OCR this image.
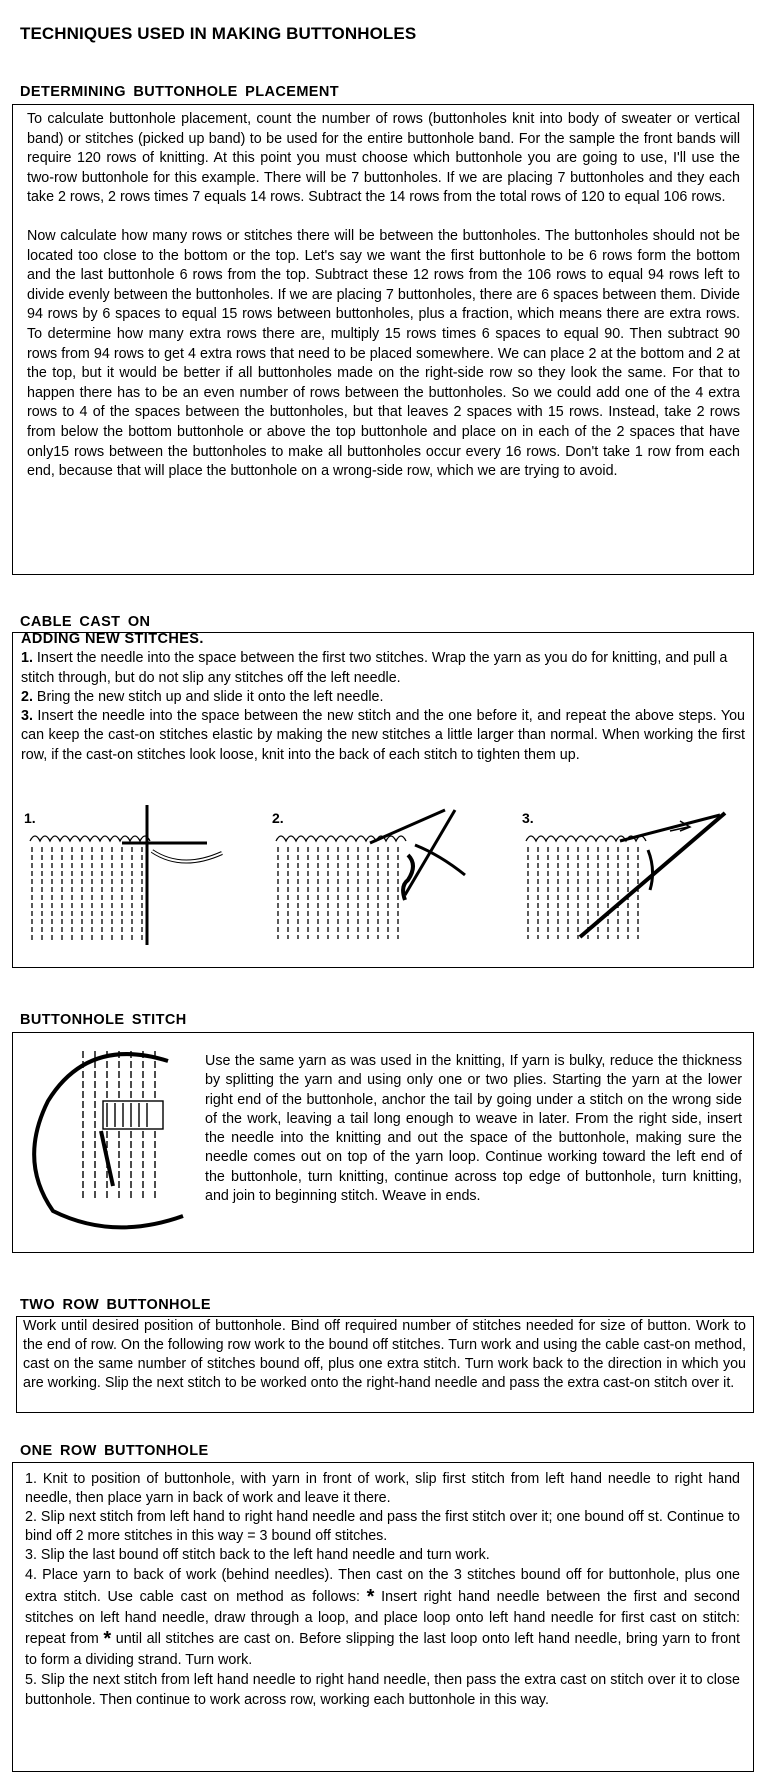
TECHNIQUES USED IN MAKING BUTTONHOLES
DETERMINING BUTTONHOLE PLACEMENT

To calculate buttonhole placement, count the number of rows (buttonholes knit into body of sweater or vertical band) or stitches (picked up band) to be used for the entire buttonhole band. For the sample the front bands will require 120 rows of knitting. At this point you must choose which buttonhole you are going to use, I'll use the two-row buttonhole for this example. There will be 7 buttonholes. If we are placing 7 buttonholes and they each take 2 rows, 2 rows times 7 equals 14 rows. Subtract the 14 rows from the total rows of 120 to equal 106 rows.

Now calculate how many rows or stitches there will be between the buttonholes. The buttonholes should not be located too close to the bottom or the top. Let's say we want the first buttonhole to be 6 rows form the bottom and the last buttonhole 6 rows from the top. Subtract these 12 rows from the 106 rows to equal 94 rows left to divide evenly between the buttonholes. If we are placing 7 buttonholes, there are 6 spaces between them. Divide 94 rows by 6 spaces to equal 15 rows between buttonholes, plus a fraction, which means there are extra rows. To determine how many extra rows there are, multiply 15 rows times 6 spaces to equal 90. Then subtract 90 rows from 94 rows to get 4 extra rows that need to be placed somewhere. We can place 2 at the bottom and 2 at the top, but it would be better if all buttonholes made on the right-side row so they look the same. For that to happen there has to be an even number of rows between the buttonholes. So we could add one of the 4 extra rows to 4 of the spaces between the buttonholes, but that leaves 2 spaces with 15 rows. Instead, take 2 rows from below the bottom buttonhole or above the top buttonhole and place on in each of the 2 spaces that have only15 rows between the buttonholes to make all buttonholes occur every 16 rows. Don't take 1 row from each end, because that will place the buttonhole on a wrong-side row, which we are trying to avoid.

CABLE CAST ON
ADDING NEW STITCHES.

1. Insert the needle into the space between the first two stitches. Wrap the yarn as you do for knitting, and pull a stitch through, but do not slip any stitches off the left needle.

2. Bring the new stitch up and slide it onto the left needle.

3. Insert the needle into the space between the new stitch and the one before it, and repeat the above steps. You can keep the cast-on stitches elastic by making the new stitches a little larger than normal. When working the first row, if the cast-on stitches look loose, knit into the back of each stitch to tighten them up.

1.	2.	3.
BUTTONHOLE STITCH

Use the same yarn as was used in the knitting, If yarn is bulky, reduce the thickness by splitting the yarn and using only one or two plies. Starting the yarn at the lower right end of the buttonhole, anchor the tail by going under a stitch on the wrong side of the work, leaving a tail long enough to weave in later. From the right side, insert the needle into the knitting and out the space of the buttonhole, making sure the needle comes out on top of the yarn loop. Continue working toward the left end of the buttonhole, turn knitting, continue across top edge of buttonhole, turn knitting, and join to beginning stitch. Weave in ends.

TWO ROW BUTTONHOLE

Work until desired position of buttonhole. Bind off required number of stitches needed for size of button. Work to the end of row. On the following row work to the bound off stitches. Turn work and using the cable cast-on method, cast on the same number of stitches bound off, plus one extra stitch. Turn work back to the direction in which you are working. Slip the next stitch to be worked onto the right-hand needle and pass the extra cast-on stitch over it.

ONE ROW BUTTONHOLE

1. Knit to position of buttonhole, with yarn in front of work, slip first stitch from left hand needle to right hand needle, then place yarn in back of work and leave it there.

2. Slip next stitch from left hand to right hand needle and pass the first stitch over it; one bound off st. Continue to bind off 2 more stitches in this way = 3 bound off stitches.

3. Slip the last bound off stitch back to the left hand needle and turn work.

4. Place yarn to back of work (behind needles). Then cast on the 3 stitches bound off for buttonhole, plus one extra stitch. Use cable cast on method as follows: * Insert right hand needle between the first and second stitches on left hand needle, draw through a loop, and place loop onto left hand needle for first cast on stitch: repeat from * until all stitches are cast on. Before slipping the last loop onto left hand needle, bring yarn to front to form a dividing strand. Turn work.

5. Slip the next stitch from left hand needle to right hand needle, then pass the extra cast on stitch over it to close buttonhole. Then continue to work across row, working each buttonhole in this way.
